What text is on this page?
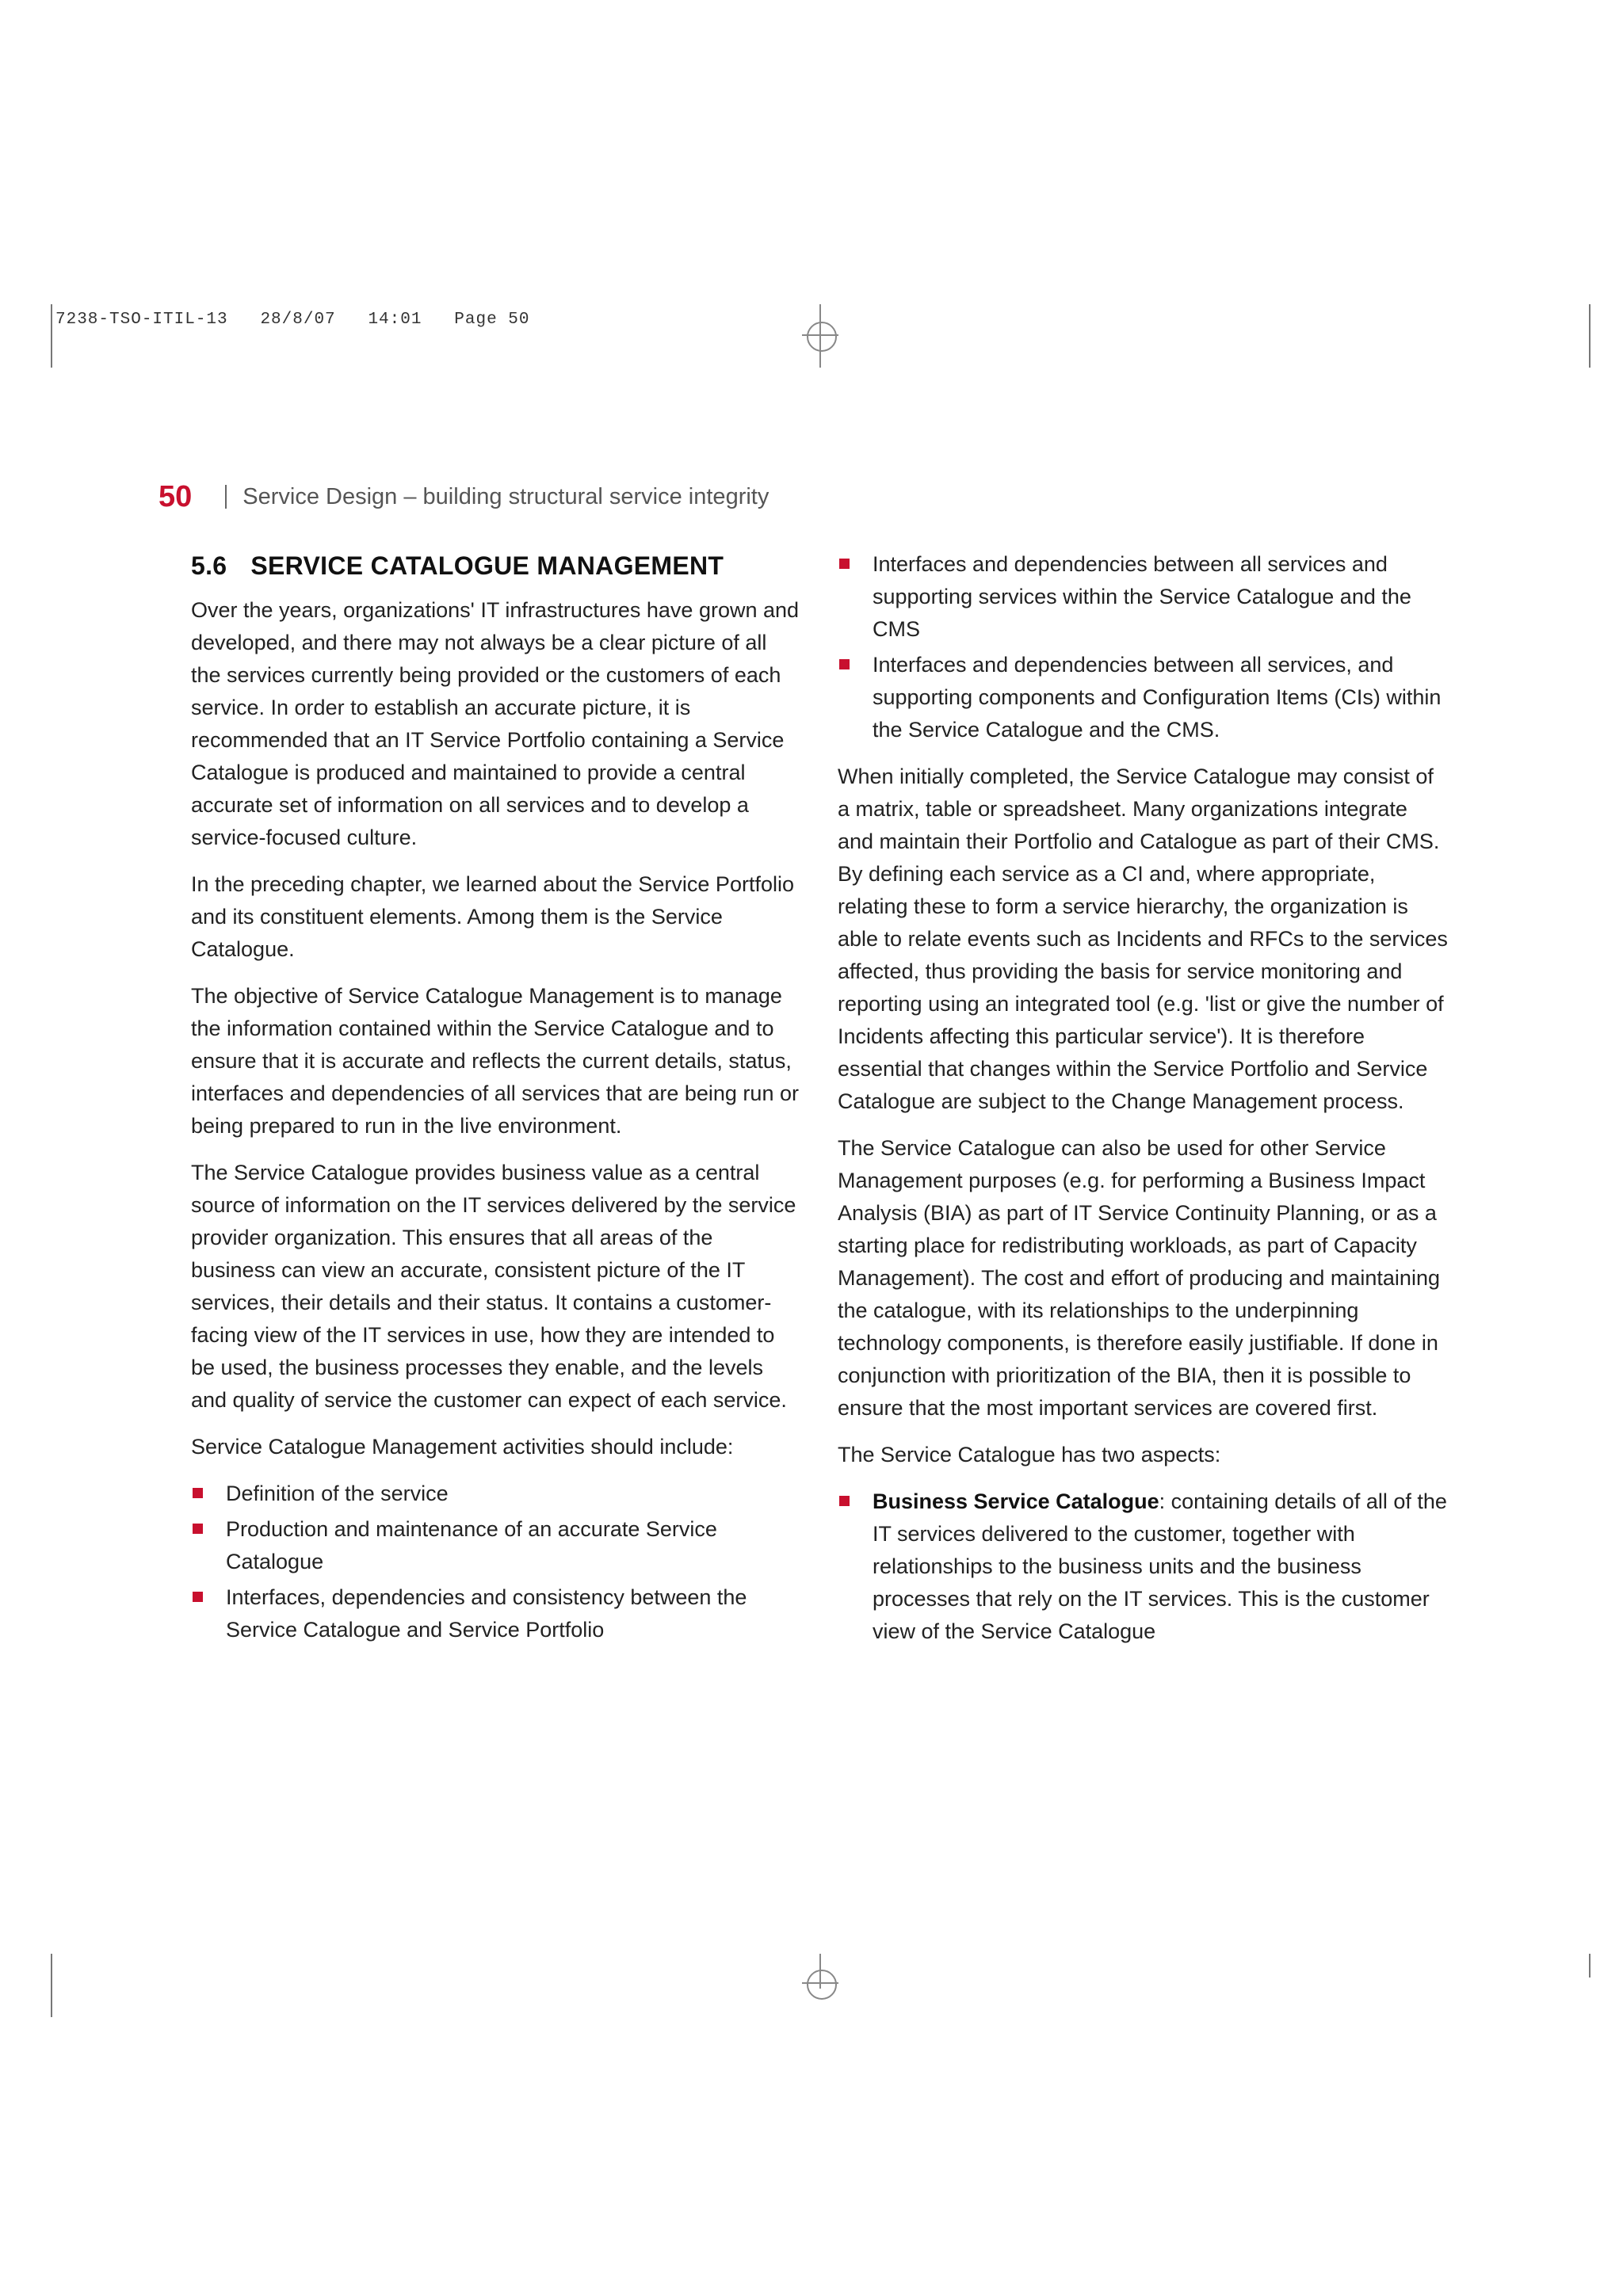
7238-TSO-ITIL-13   28/8/07   14:01   Page 50
50 Service Design – building structural service integrity
5.6 SERVICE CATALOGUE MANAGEMENT

Over the years, organizations' IT infrastructures have grown and developed, and there may not always be a clear picture of all the services currently being provided or the customers of each service. In order to establish an accurate picture, it is recommended that an IT Service Portfolio containing a Service Catalogue is produced and maintained to provide a central accurate set of information on all services and to develop a service-focused culture.

In the preceding chapter, we learned about the Service Portfolio and its constituent elements. Among them is the Service Catalogue.

The objective of Service Catalogue Management is to manage the information contained within the Service Catalogue and to ensure that it is accurate and reflects the current details, status, interfaces and dependencies of all services that are being run or being prepared to run in the live environment.

The Service Catalogue provides business value as a central source of information on the IT services delivered by the service provider organization. This ensures that all areas of the business can view an accurate, consistent picture of the IT services, their details and their status. It contains a customer-facing view of the IT services in use, how they are intended to be used, the business processes they enable, and the levels and quality of service the customer can expect of each service.

Service Catalogue Management activities should include:

Definition of the service
Production and maintenance of an accurate Service Catalogue
Interfaces, dependencies and consistency between the Service Catalogue and Service Portfolio
Interfaces and dependencies between all services and supporting services within the Service Catalogue and the CMS
Interfaces and dependencies between all services, and supporting components and Configuration Items (CIs) within the Service Catalogue and the CMS.

When initially completed, the Service Catalogue may consist of a matrix, table or spreadsheet. Many organizations integrate and maintain their Portfolio and Catalogue as part of their CMS. By defining each service as a CI and, where appropriate, relating these to form a service hierarchy, the organization is able to relate events such as Incidents and RFCs to the services affected, thus providing the basis for service monitoring and reporting using an integrated tool (e.g. 'list or give the number of Incidents affecting this particular service'). It is therefore essential that changes within the Service Portfolio and Service Catalogue are subject to the Change Management process.

The Service Catalogue can also be used for other Service Management purposes (e.g. for performing a Business Impact Analysis (BIA) as part of IT Service Continuity Planning, or as a starting place for redistributing workloads, as part of Capacity Management). The cost and effort of producing and maintaining the catalogue, with its relationships to the underpinning technology components, is therefore easily justifiable. If done in conjunction with prioritization of the BIA, then it is possible to ensure that the most important services are covered first.

The Service Catalogue has two aspects:

Business Service Catalogue: containing details of all of the IT services delivered to the customer, together with relationships to the business units and the business processes that rely on the IT services. This is the customer view of the Service Catalogue
